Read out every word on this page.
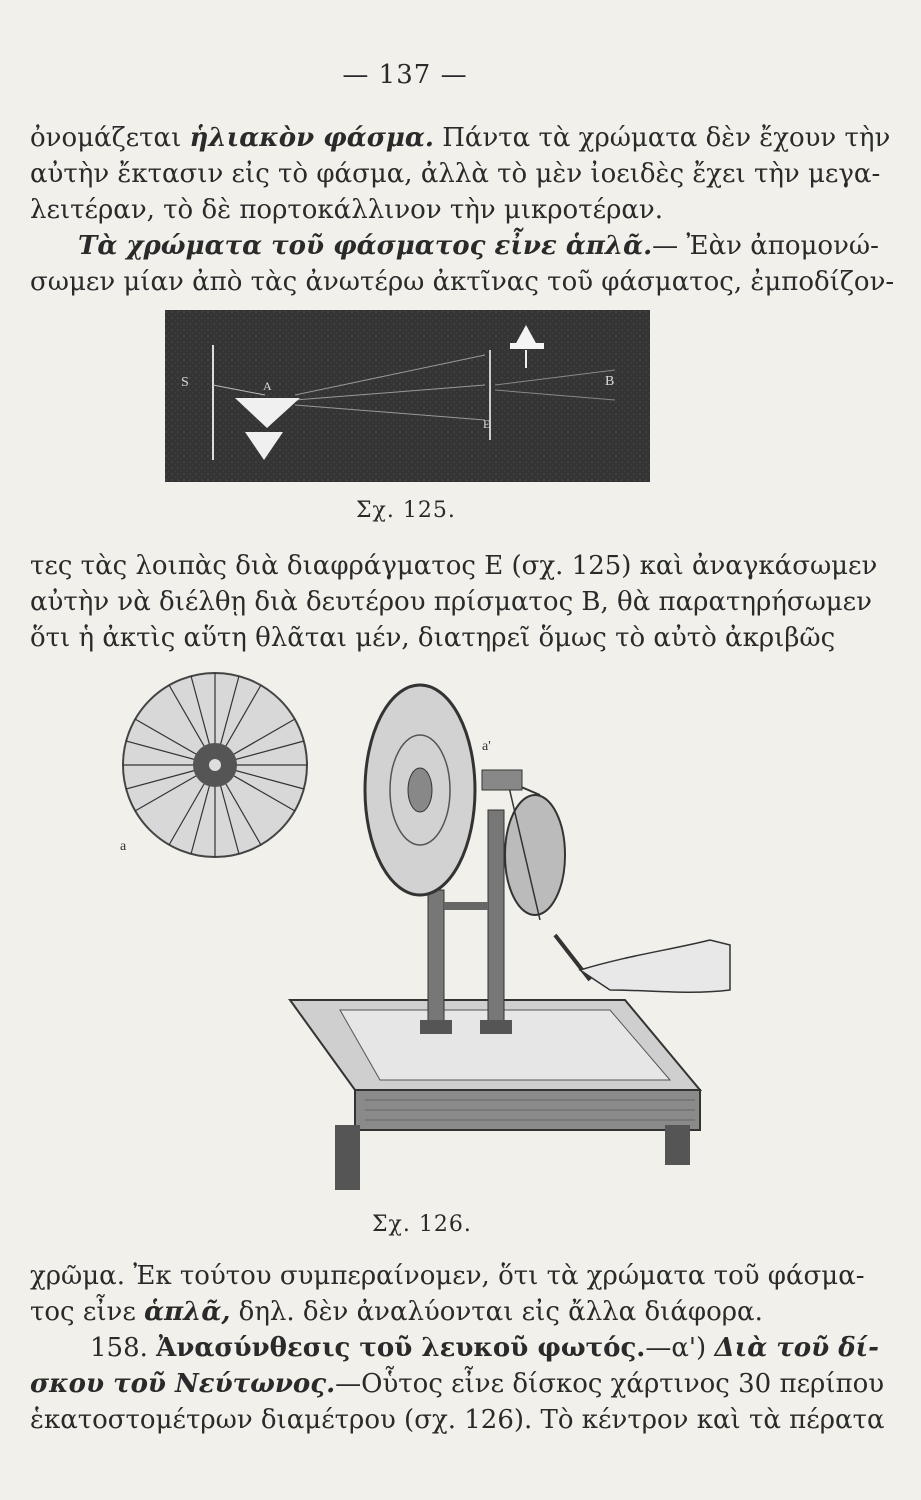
— 137 —
ὀνομάζεται ἡλιακὸν φάσμα. Πάντα τὰ χρώματα δὲν ἔχουν τὴν
αὐτὴν ἔκτασιν εἰς τὸ φάσμα, ἀλλὰ τὸ μὲν ἰοειδὲς ἔχει τὴν μεγα-
λειτέραν, τὸ δὲ πορτοκάλλινον τὴν μικροτέραν.
Τὰ χρώματα τοῦ φάσματος εἶνε ἁπλᾶ.— Ἐὰν ἀπομονώ-
σωμεν μίαν ἀπὸ τὰς ἀνωτέρω ἀκτῖνας τοῦ φάσματος, ἐμποδίζον-
S	A
E
B
Σχ. 125.
τες τὰς λοιπὰς διὰ διαφράγματος Ε (σχ. 125) καὶ ἀναγκάσωμεν
αὐτὴν νὰ διέλθῃ διὰ δευτέρου πρίσματος Β, θὰ παρατηρήσωμεν
ὅτι ἡ ἀκτὶς αὕτη θλᾶται μέν, διατηρεῖ ὅμως τὸ αὐτὸ ἀκριβῶς
a
a'
Σχ. 126.
χρῶμα. Ἐκ τούτου συμπεραίνομεν, ὅτι τὰ χρώματα τοῦ φάσμα-
τος εἶνε ἁπλᾶ, δηλ. δὲν ἀναλύονται εἰς ἄλλα διάφορα.
158. Ἀνασύνθεσις τοῦ λευκοῦ φωτός.—α') Διὰ τοῦ δί-
σκου τοῦ Νεύτωνος.—Οὗτος εἶνε δίσκος χάρτινος 30 περίπου
ἑκατοστομέτρων διαμέτρου (σχ. 126). Τὸ κέντρον καὶ τὰ πέρατα
